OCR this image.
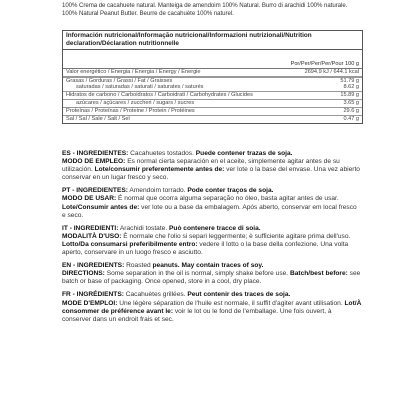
100% Crema de cacahuete natural. Manteiga de amendoim 100% Natural. Burro di arachidi 100% naturale. 100% Natural Peanut Butter. Beurre de cacahuète 100% naturel.
Información nutricional/Informação nutricional/Informazioni nutrizionali/Nutrition declaration/Déclaration nutritionnelle
Por/Per/Per/Per/Pour 100 g
Valor energético / Energia / Energia / Energy / Énergie	2694.9 kJ / 644.1 kcal
Grasas / Gorduras / Grassi / Fat / Graisses	51.79 g
saturadas / saturadas / saturati / saturates / saturés	8.62 g
Hidratos de carbono / Carboidratos / Carboidrati / Carbohydrates / Glucides	15.89 g
azúcares / açúcares / zuccheri / sugars / sucres	3.65 g
Proteínas / Proteínas / Proteine / Protein / Protéines	29.6 g
Sal / Sal / Sale / Salt / Sel	0.47 g
ES - INGREDIENTES: Cacahuetes tostados. Puede contener trazas de soja.
MODO DE EMPLEO: Es normal cierta separación en el aceite, simplemente agitar antes de su utilización. Lote/consumir preferentemente antes de: ver lote o la base del envase. Una vez abierto conservar en un lugar fresco y seco.
PT - INGREDIENTES: Amendoim torrado. Pode conter traços de soja.
MODO DE USAR: É normal que ocorra alguma separação no óleo, basta agitar antes de usar. Lote/Consumir antes de: ver lote ou a base da embalagem. Após aberto, conservar em local fresco e seco.
IT - INGREDIENTI: Arachidi tostate. Può contenere tracce di soia.
MODALITÀ D'USO: È normale che l'olio si separi leggermente; è sufficiente agitare prima dell'uso. Lotto/Da consumarsi preferibilmente entro: vedere il lotto o la base della confezione. Una volta aperto, conservare in un luogo fresco e asciutto.
EN - INGREDIENTS: Roasted peanuts. May contain traces of soy.
DIRECTIONS: Some separation in the oil is normal, simply shake before use. Batch/best before: see batch or base of packaging. Once opened, store in a cool, dry place.
FR - INGRÉDIENTS: Cacahuètes grillées. Peut contenir des traces de soja.
MODE D'EMPLOI: Une légère séparation de l'huile est normale, il suffit d'agiter avant utilisation. Lot/À consommer de préférence avant le: voir le lot ou le fond de l'emballage. Une fois ouvert, à conserver dans un endroit frais et sec.
